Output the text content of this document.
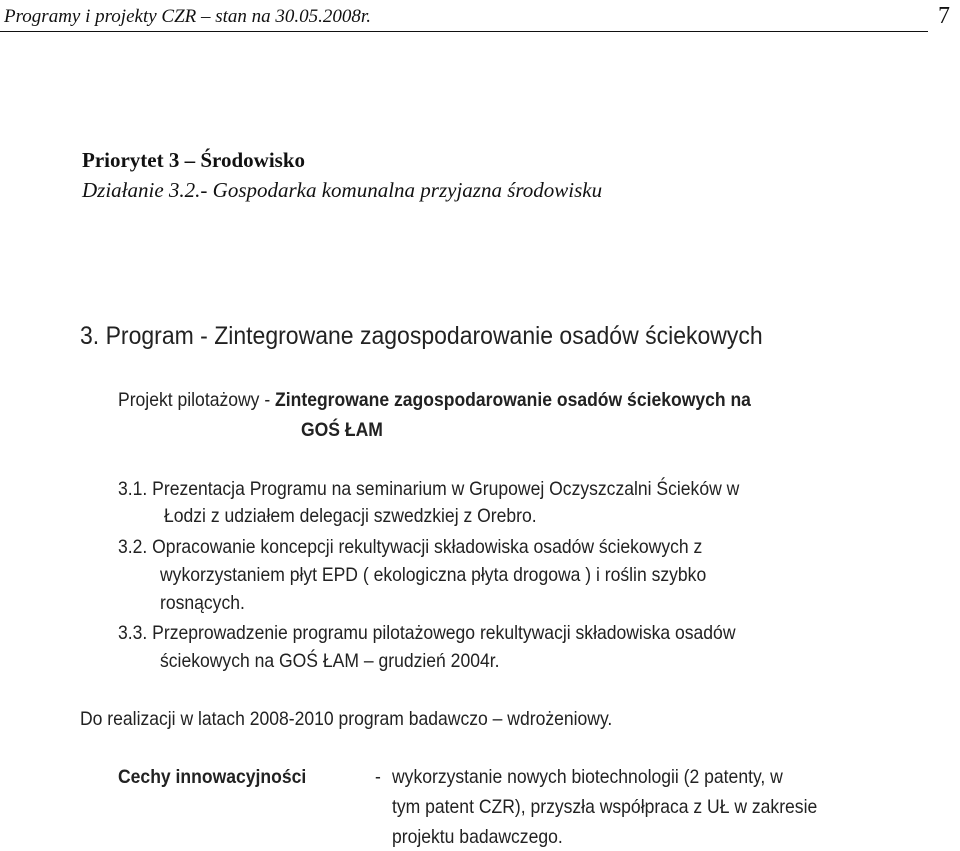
Programy i projekty CZR – stan na 30.05.2008r.	7
Priorytet 3 – Środowisko
Działanie 3.2.- Gospodarka komunalna przyjazna środowisku
3. Program - Zintegrowane zagospodarowanie osadów ściekowych
Projekt pilotażowy - Zintegrowane zagospodarowanie osadów ściekowych na
GOŚ ŁAM
3.1. Prezentacja Programu na seminarium w Grupowej Oczyszczalni Ścieków w
Łodzi z udziałem delegacji szwedzkiej z Orebro.
3.2. Opracowanie koncepcji rekultywacji składowiska osadów ściekowych z
wykorzystaniem płyt EPD ( ekologiczna płyta drogowa ) i roślin szybko
rosnących.
3.3. Przeprowadzenie programu pilotażowego rekultywacji składowiska osadów
ściekowych na GOŚ ŁAM – grudzień 2004r.
Do realizacji w latach 2008-2010 program badawczo – wdrożeniowy.
Cechy innowacyjności	- wykorzystanie nowych biotechnologii (2 patenty, w
tym patent CZR), przyszła współpraca z UŁ w zakresie
projektu badawczego.
